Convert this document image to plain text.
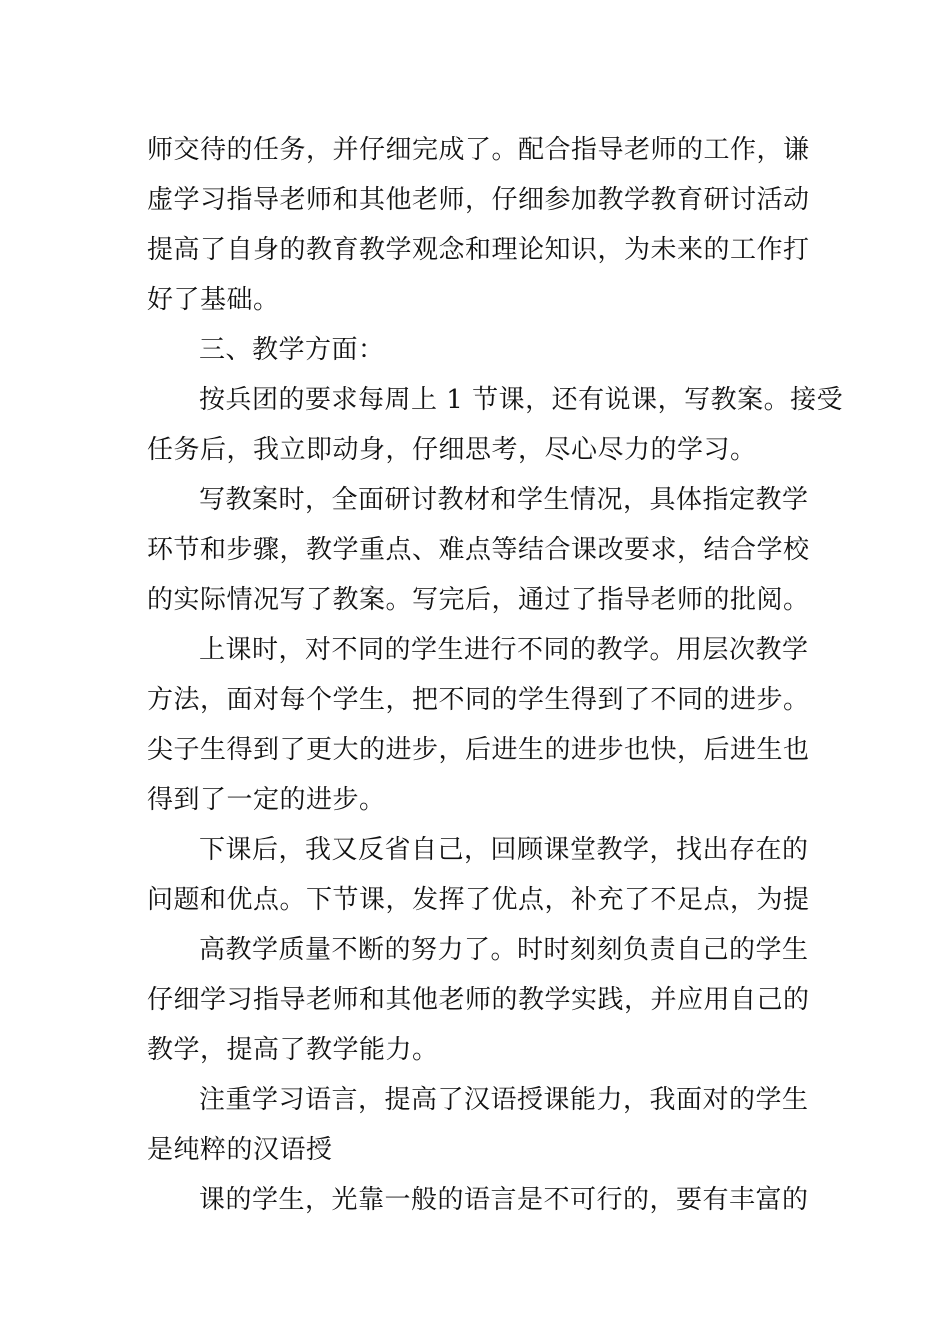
师交待的任务，并仔细完成了。配合指导老师的工作，谦
虚学习指导老师和其他老师，仔细参加教学教育研讨活动
提高了自身的教育教学观念和理论知识，为未来的工作打
好了基础。
三、教学方面：
按兵团的要求每周上 1 节课，还有说课，写教案。接受
任务后，我立即动身，仔细思考，尽心尽力的学习。
写教案时，全面研讨教材和学生情况，具体指定教学
环节和步骤，教学重点、难点等结合课改要求，结合学校
的实际情况写了教案。写完后，通过了指导老师的批阅。
上课时，对不同的学生进行不同的教学。用层次教学
方法，面对每个学生，把不同的学生得到了不同的进步。
尖子生得到了更大的进步，后进生的进步也快，后进生也
得到了一定的进步。
下课后，我又反省自己，回顾课堂教学，找出存在的
问题和优点。下节课，发挥了优点，补充了不足点，为提
高教学质量不断的努力了。时时刻刻负责自己的学生
仔细学习指导老师和其他老师的教学实践，并应用自己的
教学，提高了教学能力。
注重学习语言，提高了汉语授课能力，我面对的学生
是纯粹的汉语授
课的学生，光靠一般的语言是不可行的，要有丰富的
